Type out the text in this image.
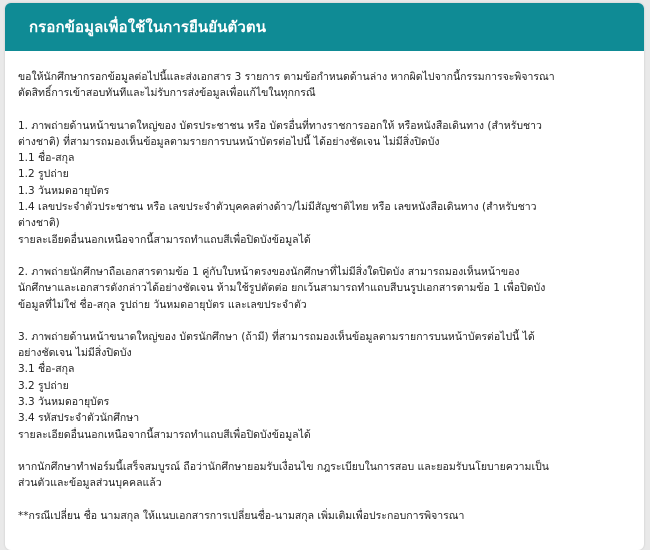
กรอกข้อมูลเพื่อใช้ในการยืนยันตัวตน
ขอให้นักศึกษากรอกข้อมูลต่อไปนี้และส่งเอกสาร 3 รายการ ตามข้อกำหนดด้านล่าง หากผิดไปจากนี้กรรมการจะพิจารณา
ตัดสิทธิ์การเข้าสอบทันทีและไม่รับการส่งข้อมูลเพื่อแก้ไขในทุกกรณี
1. ภาพถ่ายด้านหน้าขนาดใหญ่ของ บัตรประชาชน หรือ บัตรอื่นที่ทางราชการออกให้ หรือหนังสือเดินทาง (สำหรับชาว
ต่างชาติ) ที่สามารถมองเห็นข้อมูลตามรายการบนหน้าบัตรต่อไปนี้ ได้อย่างชัดเจน ไม่มีสิ่งปิดบัง
1.1 ชื่อ-สกุล
1.2 รูปถ่าย
1.3 วันหมดอายุบัตร
1.4 เลขประจำตัวประชาชน หรือ เลขประจำตัวบุคคลต่างด้าว/ไม่มีสัญชาติไทย หรือ เลขหนังสือเดินทาง (สำหรับชาว
ต่างชาติ)
รายละเอียดอื่นนอกเหนือจากนี้สามารถทำแถบสีเพื่อปิดบังข้อมูลได้
2. ภาพถ่ายนักศึกษาถือเอกสารตามข้อ 1 คู่กับใบหน้าตรงของนักศึกษาที่ไม่มีสิ่งใดปิดบัง สามารถมองเห็นหน้าของ
นักศึกษาและเอกสารดังกล่าวได้อย่างชัดเจน ห้ามใช้รูปตัดต่อ ยกเว้นสามารถทำแถบสีบนรูปเอกสารตามข้อ 1 เพื่อปิดบัง
ข้อมูลที่ไม่ใช่ ชื่อ-สกุล รูปถ่าย วันหมดอายุบัตร และเลขประจำตัว
3. ภาพถ่ายด้านหน้าขนาดใหญ่ของ บัตรนักศึกษา (ถ้ามี) ที่สามารถมองเห็นข้อมูลตามรายการบนหน้าบัตรต่อไปนี้ ได้
อย่างชัดเจน ไม่มีสิ่งปิดบัง
3.1 ชื่อ-สกุล
3.2 รูปถ่าย
3.3 วันหมดอายุบัตร
3.4 รหัสประจำตัวนักศึกษา
รายละเอียดอื่นนอกเหนือจากนี้สามารถทำแถบสีเพื่อปิดบังข้อมูลได้
หากนักศึกษาทำฟอร์มนี้เสร็จสมบูรณ์ ถือว่านักศึกษายอมรับเงื่อนไข กฎระเบียบในการสอบ และยอมรับนโยบายความเป็น
ส่วนตัวและข้อมูลส่วนบุคคลแล้ว
**กรณีเปลี่ยน ชื่อ นามสกุล ให้แนบเอกสารการเปลี่ยนชื่อ-นามสกุล เพิ่มเติมเพื่อประกอบการพิจารณา
